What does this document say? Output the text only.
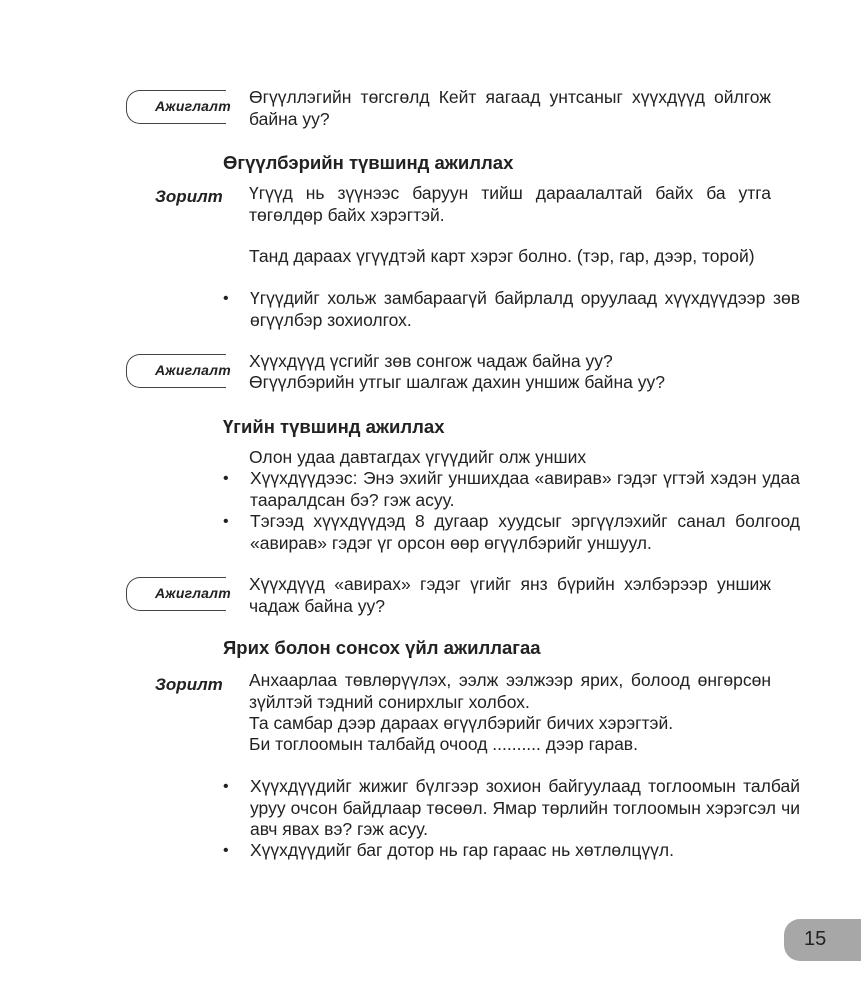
Ажиглалт Өгүүллэгийн төгсгөлд Кейт яагаад унтсаныг хүүхдүүд ойлгож байна уу?
Өгүүлбэрийн түвшинд ажиллах
Зорилт Үгүүд нь зүүнээс баруун тийш дараалалтай байх ба утга төгөлдөр байх хэрэгтэй.
Танд дараах үгүүдтэй карт хэрэг болно. (тэр, гар, дээр, торой)
•	Үгүүдийг хольж замбараагүй байрлалд оруулаад хүүхдүүдээр зөв өгүүлбэр зохиолгох.
Ажиглалт Хүүхдүүд үсгийг зөв сонгож чадаж байна уу?
Өгүүлбэрийн утгыг шалгаж дахин уншиж байна уу?
Үгийн түвшинд ажиллах
Олон удаа давтагдах үгүүдийг олж унших
•	Хүүхдүүдээс: Энэ эхийг уншихдаа «авирав» гэдэг үгтэй хэдэн удаа тааралдсан бэ? гэж асуу.
•	Тэгээд хүүхдүүдэд 8 дугаар хуудсыг эргүүлэхийг санал болгоод «авирав» гэдэг үг орсон өөр өгүүлбэрийг уншуул.
Ажиглалт Хүүхдүүд «авирах» гэдэг үгийг янз бүрийн хэлбэрээр уншиж чадаж байна уу?
Ярих болон сонсох үйл ажиллагаа
Зорилт Анхаарлаа төвлөрүүлэх, ээлж ээлжээр ярих, болоод өнгөрсөн зүйлтэй тэдний сонирхлыг холбох.
Та самбар дээр дараах өгүүлбэрийг бичих хэрэгтэй.
Би тоглоомын талбайд очоод .......... дээр гарав.
•	Хүүхдүүдийг жижиг бүлгээр зохион байгуулаад тоглоомын талбай уруу очсон байдлаар төсөөл. Ямар төрлийн тоглоомын хэрэгсэл чи авч явах вэ? гэж асуу.
•	Хүүхдүүдийг баг дотор нь гар гараас нь хөтлөлцүүл.
15
